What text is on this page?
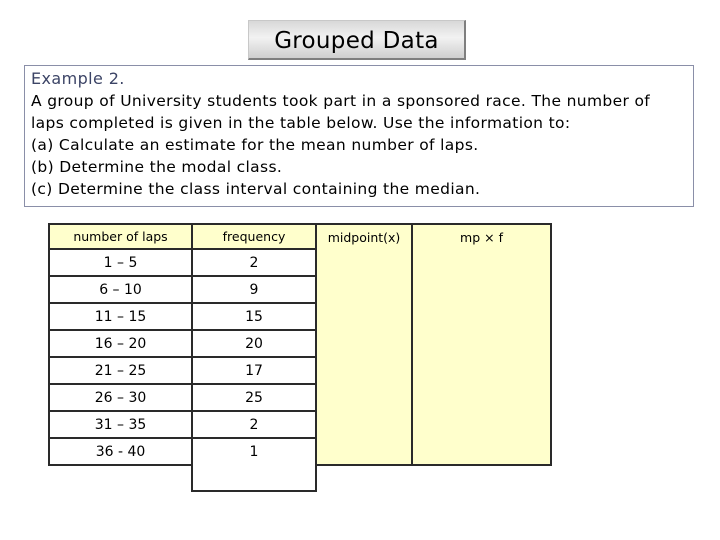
Grouped Data
Example 2.
A group of University students took part in a sponsored race. The number of
laps completed is given in the table below. Use the information to:
(a) Calculate an estimate for the mean number of laps.
(b) Determine the modal class.
(c) Determine the class interval containing the median.
number of laps	frequency	midpoint(x)	mp × f
1 – 5	2		
6 – 10	9		
11 – 15	15		
16 – 20	20		
21 – 25	17		
26 – 30	25		
31 – 35	2		
36 - 40	1		
